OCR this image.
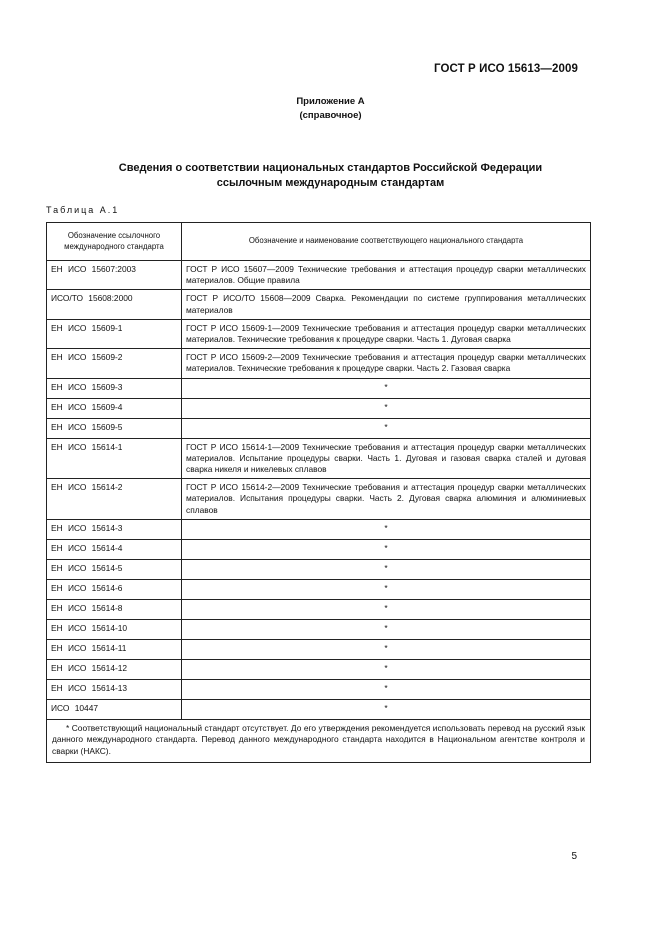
ГОСТ Р ИСО 15613—2009
Приложение А
(справочное)
Сведения о соответствии национальных стандартов Российской Федерации
ссылочным международным стандартам
Таблица А.1
Обозначение ссылочного международного стандарта	Обозначение и наименование соответствующего национального стандарта
ЕН ИСО 15607:2003	ГОСТ Р ИСО 15607—2009 Технические требования и аттестация процедур сварки металлических материалов. Общие правила
ИСО/ТО 15608:2000	ГОСТ Р ИСО/ТО 15608—2009 Сварка. Рекомендации по системе группирования металлических материалов
ЕН ИСО 15609-1	ГОСТ Р ИСО 15609-1—2009 Технические требования и аттестация процедур сварки металлических материалов. Технические требования к процедуре сварки. Часть 1. Дуговая сварка
ЕН ИСО 15609-2	ГОСТ Р ИСО 15609-2—2009 Технические требования и аттестация процедур сварки металлических материалов. Технические требования к процедуре сварки. Часть 2. Газовая сварка
ЕН ИСО 15609-3	*
ЕН ИСО 15609-4	*
ЕН ИСО 15609-5	*
ЕН ИСО 15614-1	ГОСТ Р ИСО 15614-1—2009 Технические требования и аттестация процедур сварки металлических материалов. Испытание процедуры сварки. Часть 1. Дуговая и газовая сварка сталей и дуговая сварка никеля и никелевых сплавов
ЕН ИСО 15614-2	ГОСТ Р ИСО 15614-2—2009 Технические требования и аттестация процедур сварки металлических материалов. Испытания процедуры сварки. Часть 2. Дуговая сварка алюминия и алюминиевых сплавов
ЕН ИСО 15614-3	*
ЕН ИСО 15614-4	*
ЕН ИСО 15614-5	*
ЕН ИСО 15614-6	*
ЕН ИСО 15614-8	*
ЕН ИСО 15614-10	*
ЕН ИСО 15614-11	*
ЕН ИСО 15614-12	*
ЕН ИСО 15614-13	*
ИСО 10447	*
* Соответствующий национальный стандарт отсутствует. До его утверждения рекомендуется использовать перевод на русский язык данного международного стандарта. Перевод данного международного стандарта находится в Национальном агентстве контроля и сварки (НАКС).	
5
